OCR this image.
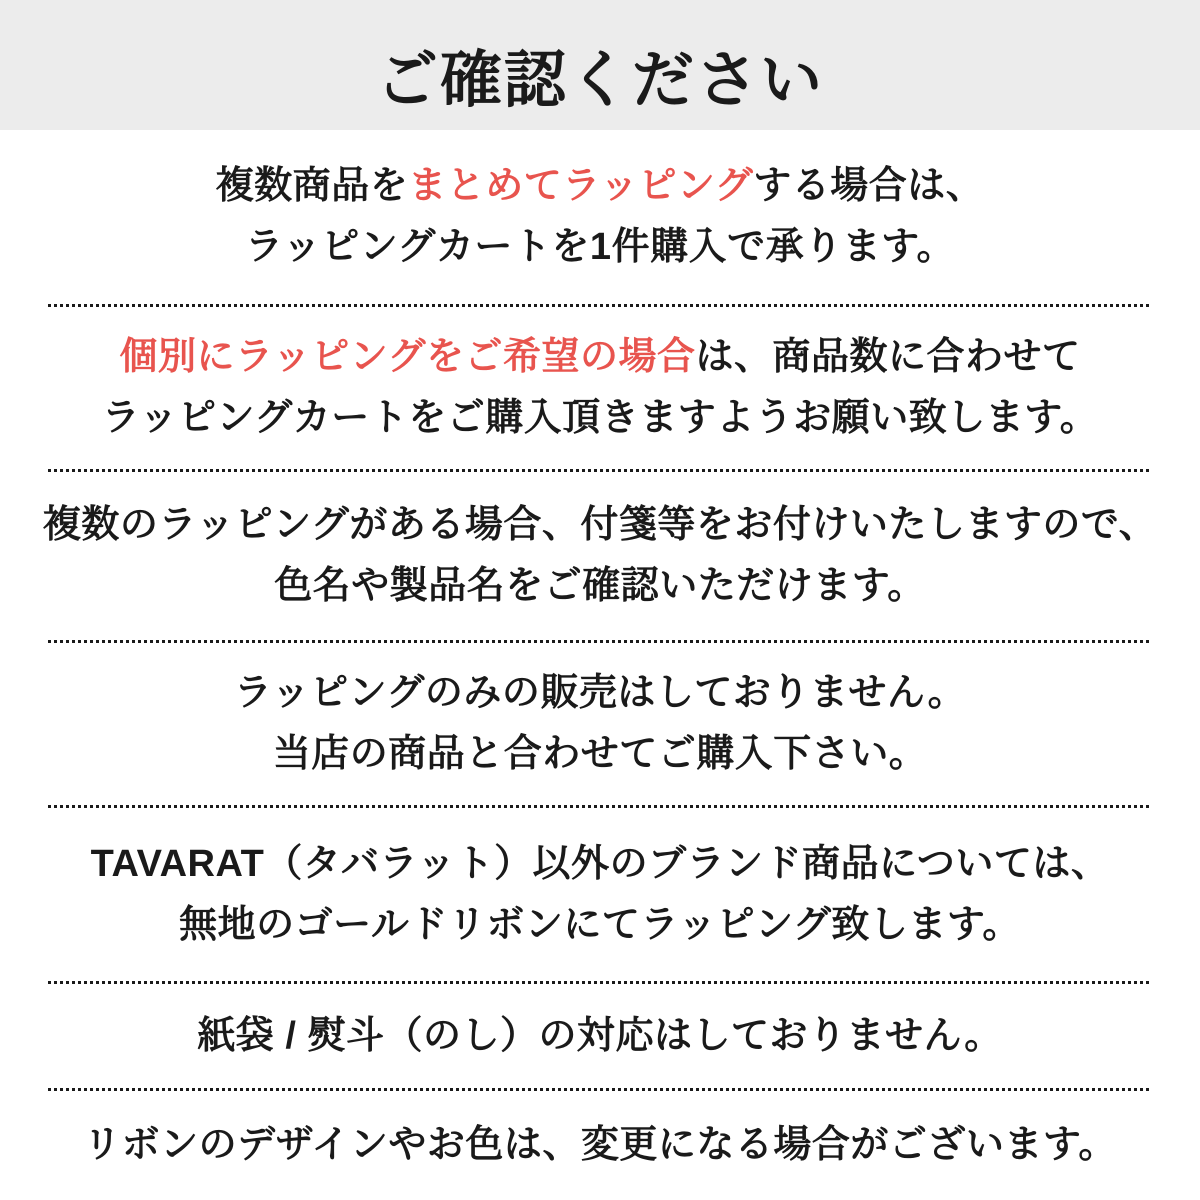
ご確認ください

複数商品をまとめてラッピングする場合は、

ラッピングカートを1件購入で承ります。

個別にラッピングをご希望の場合は、商品数に合わせて

ラッピングカートをご購入頂きますようお願い致します。

複数のラッピングがある場合、付箋等をお付けいたしますので、

色名や製品名をご確認いただけます。

ラッピングのみの販売はしておりません。

当店の商品と合わせてご購入下さい。

TAVARAT（タバラット）以外のブランド商品については、

無地のゴールドリボンにてラッピング致します。

紙袋 / 熨斗（のし）の対応はしておりません。

リボンのデザインやお色は、変更になる場合がございます。
